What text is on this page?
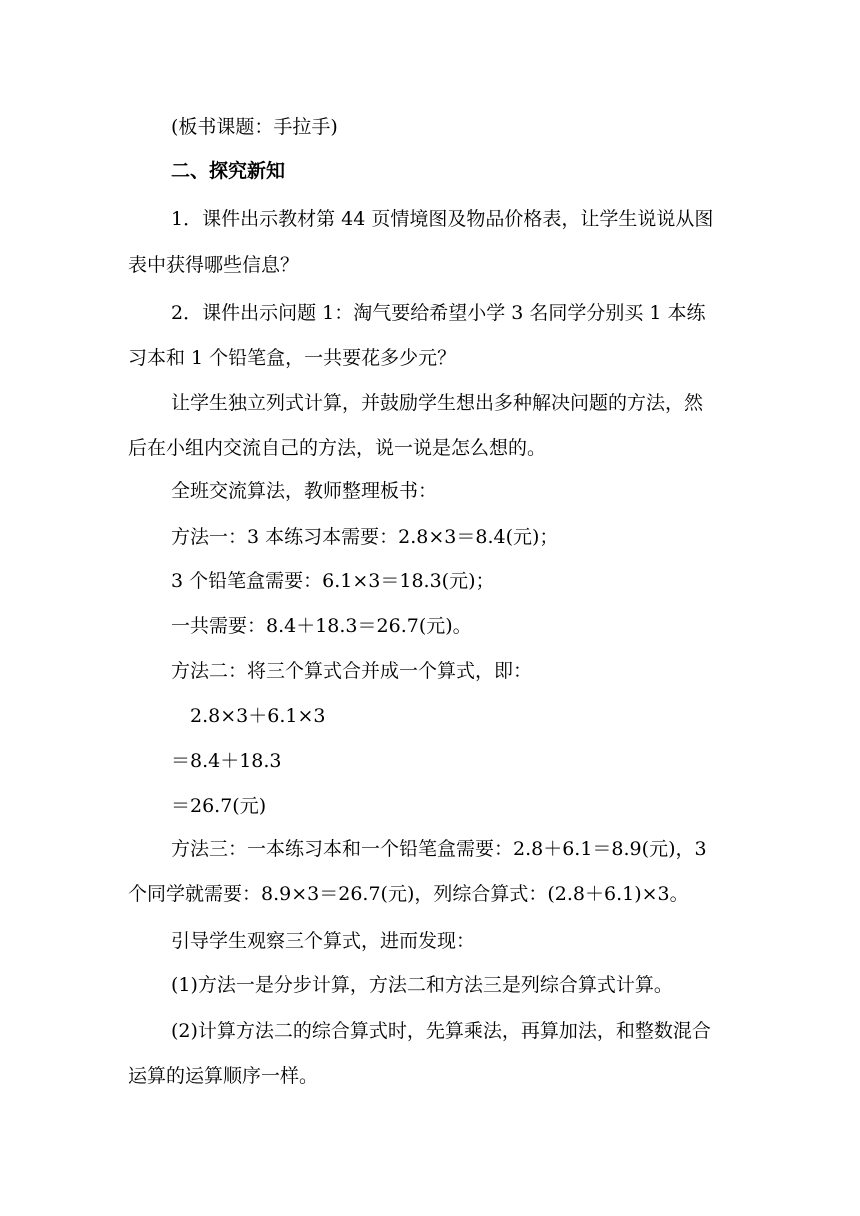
(板书课题：手拉手)
二、探究新知
1．课件出示教材第 44 页情境图及物品价格表，让学生说说从图
表中获得哪些信息？
2．课件出示问题 1：淘气要给希望小学 3 名同学分别买 1 本练
习本和 1 个铅笔盒，一共要花多少元？
让学生独立列式计算，并鼓励学生想出多种解决问题的方法，然
后在小组内交流自己的方法，说一说是怎么想的。
全班交流算法，教师整理板书：
方法一：3 本练习本需要：2.8×3＝8.4(元)；
3 个铅笔盒需要：6.1×3＝18.3(元)；
一共需要：8.4＋18.3＝26.7(元)。
方法二：将三个算式合并成一个算式，即：
2.8×3＋6.1×3
＝8.4＋18.3
＝26.7(元)
方法三：一本练习本和一个铅笔盒需要：2.8＋6.1＝8.9(元)，3
个同学就需要：8.9×3＝26.7(元)，列综合算式：(2.8＋6.1)×3。
引导学生观察三个算式，进而发现：
(1)方法一是分步计算，方法二和方法三是列综合算式计算。
(2)计算方法二的综合算式时，先算乘法，再算加法，和整数混合
运算的运算顺序一样。
